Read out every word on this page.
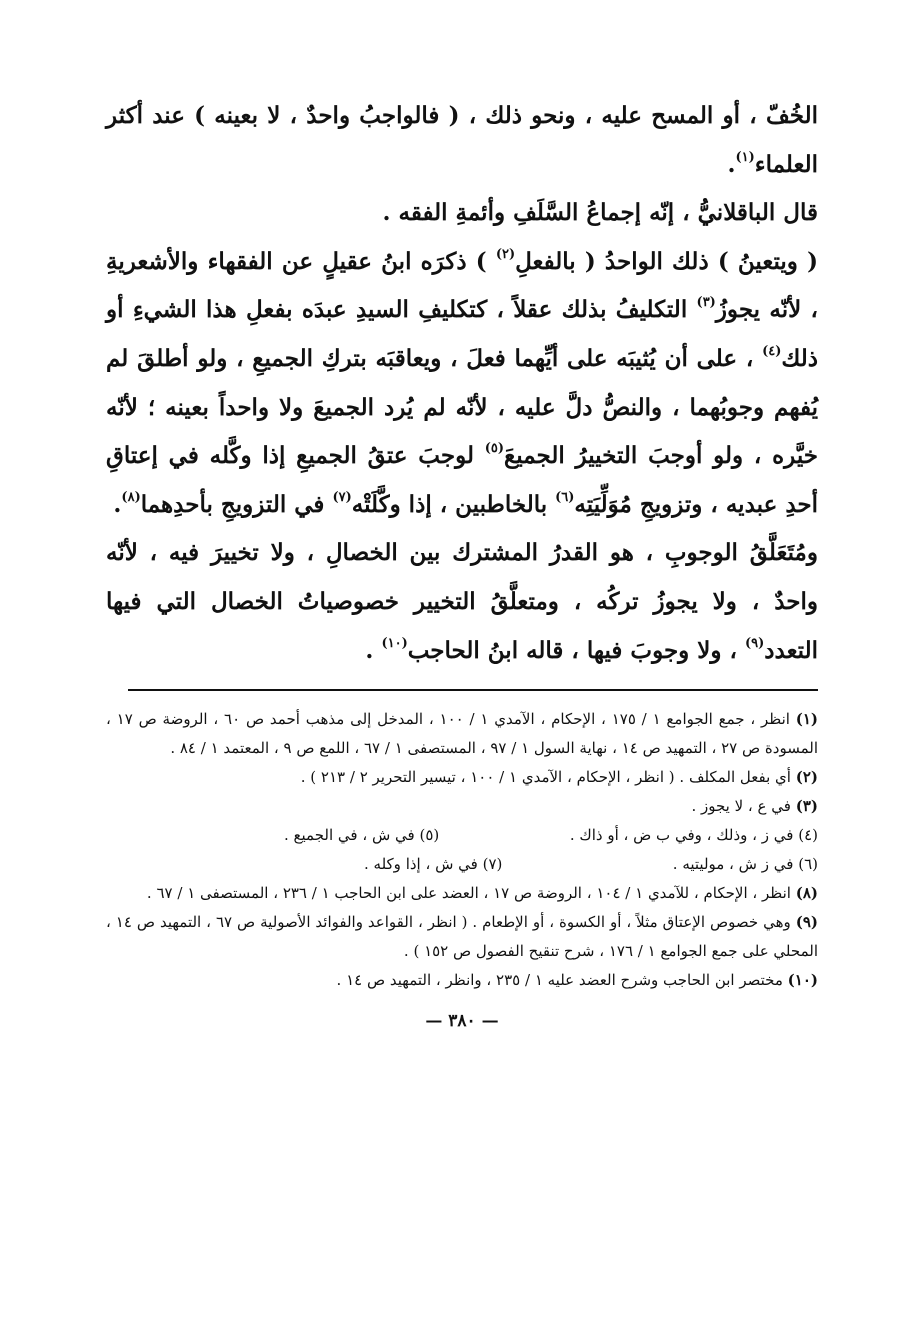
الخُفّ ، أو المسح عليه ، ونحو ذلك ، ( فالواجبُ واحدٌ ، لا بعينه ) عند أكثر العلماء$^{(١)}$.

قال الباقلانيُّ ، إنّه إجماعُ السَّلَفِ وأئمةِ الفقه .

( ويتعينُ ) ذلك الواحدُ ( بالفعلِ$^{(٢)}$ ) ذكرَه ابنُ عقيلٍ عن الفقهاء والأشعريةِ ، لأنّه يجوزُ$^{(٣)}$ التكليفُ بذلك عقلاً ، كتكليفِ السيدِ عبدَه بفعلِ هذا الشيءِ أو ذلك$^{(٤)}$ ، على أن يُثيبَه على أيِّهما فعلَ ، ويعاقبَه بتركِ الجميعِ ، ولو أطلقَ لم يُفهم وجوبُهما ، والنصُّ دلَّ عليه ، لأنّه لم يُرد الجميعَ ولا واحداً بعينه ؛ لأنّه خيَّره ، ولو أوجبَ التخييرُ الجميعَ$^{(٥)}$ لوجبَ عتقُ الجميعِ إذا وكَّله في إعتاقِ أحدِ عبديه ، وتزويجِ مُوَلِّيَتِه$^{(٦)}$ بالخاطبين ، إذا وكَّلَتْه$^{(٧)}$ في التزويجِ بأحدِهما$^{(٨)}$.

ومُتَعَلَّقُ الوجوبِ ، هو القدرُ المشترك بين الخصالِ ، ولا تخييرَ فيه ، لأنّه واحدٌ ، ولا يجوزُ تركُه ، ومتعلَّقُ التخيير خصوصياتُ الخصال التي فيها التعدد$^{(٩)}$ ، ولا وجوبَ فيها ، قاله ابنُ الحاجب$^{(١٠)}$ .

(١) انظر ، جمع الجوامع ١ / ١٧٥ ، الإحكام ، الآمدي ١ / ١٠٠ ، المدخل إلى مذهب أحمد ص ٦٠ ، الروضة ص ١٧ ، المسودة ص ٢٧ ، التمهيد ص ١٤ ، نهاية السول ١ / ٩٧ ، المستصفى ١ / ٦٧ ، اللمع ص ٩ ، المعتمد ١ / ٨٤ .

(٢) أي بفعل المكلف . ( انظر ، الإحكام ، الآمدي ١ / ١٠٠ ، تيسير التحرير ٢ / ٢١٣ ) .

(٣) في ع ، لا يجوز .

(٤) في ز ، وذلك ، وفي ب ض ، أو ذاك .
(٥) في ش ، في الجميع .
(٦) في ز ش ، موليتيه .
(٧) في ش ، إذا وكله .

(٨) انظر ، الإحكام ، للآمدي ١ / ١٠٤ ، الروضة ص ١٧ ، العضد على ابن الحاجب ١ / ٢٣٦ ، المستصفى ١ / ٦٧ .

(٩) وهي خصوص الإعتاق مثلاً ، أو الكسوة ، أو الإطعام . ( انظر ، القواعد والفوائد الأصولية ص ٦٧ ، التمهيد ص ١٤ ، المحلي على جمع الجوامع ١ / ١٧٦ ، شرح تنقيح الفصول ص ١٥٢ ) .

(١٠) مختصر ابن الحاجب وشرح العضد عليه ١ / ٢٣٥ ، وانظر ، التمهيد ص ١٤ .

— ٣٨٠ —
